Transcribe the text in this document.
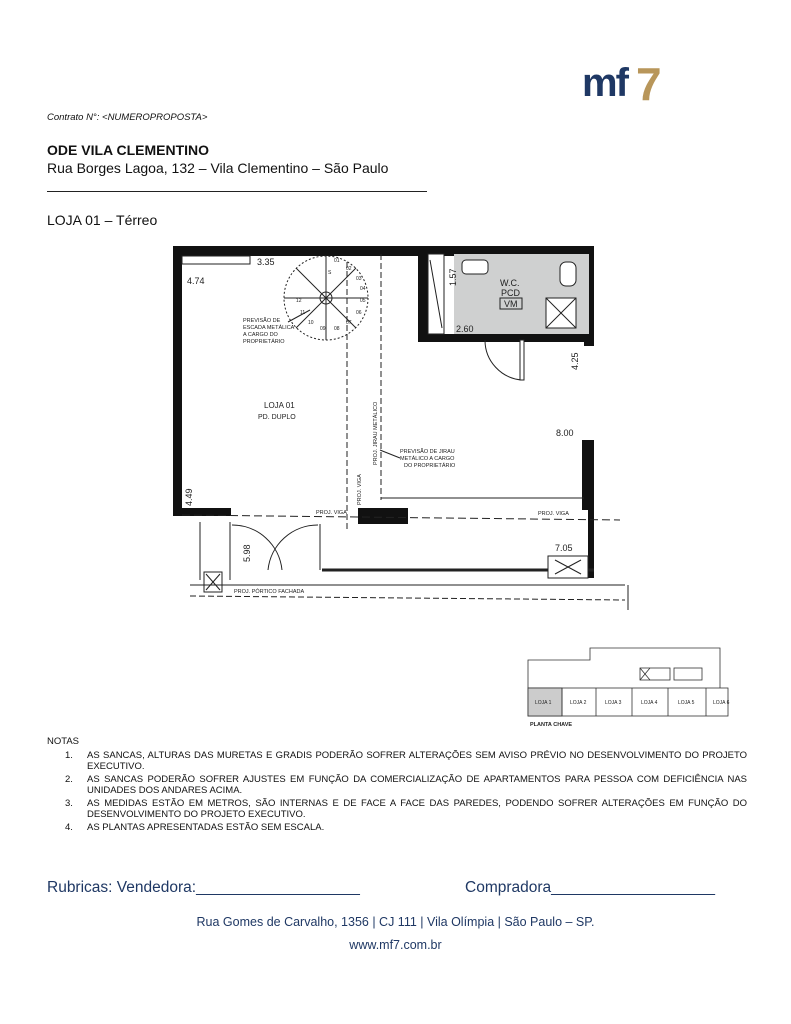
mf 7
Contrato N°: <NUMEROPROPOSTA>
ODE VILA CLEMENTINO
Rua Borges Lagoa, 132 – Vila Clementino – São Paulo
LOJA 01 – Térreo
3.35
4.74	1.57
2.60
4.25
8.00
4.49
5.98	7.05
LOJA 01
PD. DUPLO
W.C.
PCD
VM
PREVISÃO DE
ESCADA METÁLICA
A CARGO DO
PROPRIETÁRIO
PREVISÃO DE JIRAU
METÁLICO A CARGO
DO PROPRIETÁRIO
PROJ. JIRAU METÁLICO
PROJ. VIGA
PROJ. VIGA	PROJ. VIGA
PROJ. PÓRTICO FACHADA
01
02
03
04
05
06
07
08
09
10
11
12
S
LOJA 1	LOJA 2	LOJA 3	LOJA 4	LOJA 5	LOJA 6
PLANTA CHAVE
NOTAS
1.	AS SANCAS, ALTURAS DAS MURETAS E GRADIS PODERÃO SOFRER ALTERAÇÕES SEM AVISO PRÉVIO NO DESENVOLVIMENTO DO PROJETO EXECUTIVO.
2.	AS SANCAS PODERÃO SOFRER AJUSTES EM FUNÇÃO DA COMERCIALIZAÇÃO DE APARTAMENTOS PARA PESSOA COM DEFICIÊNCIA NAS UNIDADES DOS ANDARES ACIMA.
3.	AS MEDIDAS ESTÃO EM METROS, SÃO INTERNAS E DE FACE A FACE DAS PAREDES, PODENDO SOFRER ALTERAÇÕES EM FUNÇÃO DO DESENVOLVIMENTO DO PROJETO EXECUTIVO.
4.	AS PLANTAS APRESENTADAS ESTÃO SEM ESCALA.
Rubricas: Vendedora:___________________	Compradora___________________
Rua Gomes de Carvalho, 1356 | CJ 111 | Vila Olímpia | São Paulo – SP.
www.mf7.com.br
